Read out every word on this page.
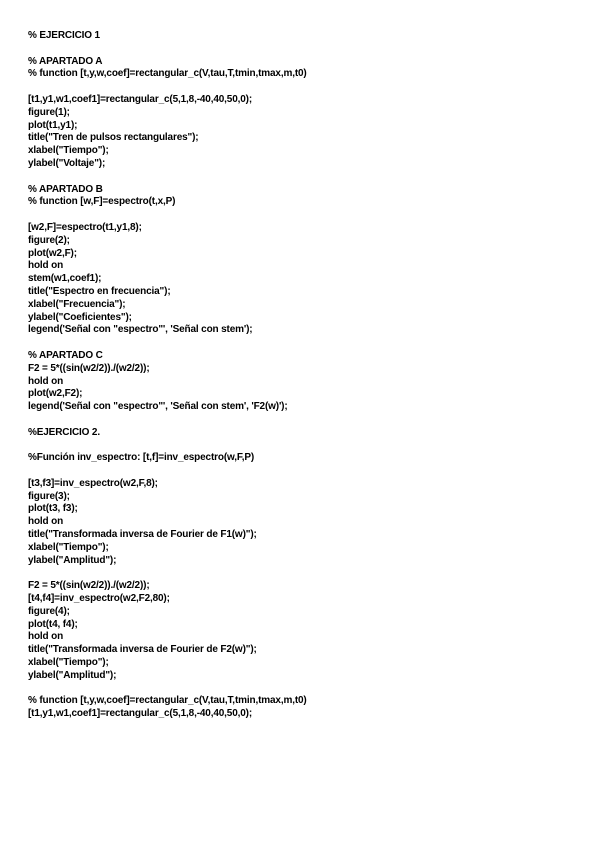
% EJERCICIO 1
% APARTADO A
% function [t,y,w,coef]=rectangular_c(V,tau,T,tmin,tmax,m,t0)
[t1,y1,w1,coef1]=rectangular_c(5,1,8,-40,40,50,0);
figure(1);
plot(t1,y1);
title("Tren de pulsos rectangulares");
xlabel("Tiempo");
ylabel("Voltaje");
% APARTADO B
% function [w,F]=espectro(t,x,P)
[w2,F]=espectro(t1,y1,8);
figure(2);
plot(w2,F);
hold on
stem(w1,coef1);
title("Espectro en frecuencia");
xlabel("Frecuencia");
ylabel("Coeficientes");
legend('Señal con "espectro"', 'Señal con stem');
% APARTADO C
F2 = 5*((sin(w2/2))./(w2/2));
hold on
plot(w2,F2);
legend('Señal con "espectro"', 'Señal con stem', 'F2(w)');
%EJERCICIO 2.
%Función inv_espectro: [t,f]=inv_espectro(w,F,P)
[t3,f3]=inv_espectro(w2,F,8);
figure(3);
plot(t3, f3);
hold on
title("Transformada inversa de Fourier de F1(w)");
xlabel("Tiempo");
ylabel("Amplitud");
F2 = 5*((sin(w2/2))./(w2/2));
[t4,f4]=inv_espectro(w2,F2,80);
figure(4);
plot(t4, f4);
hold on
title("Transformada inversa de Fourier de F2(w)");
xlabel("Tiempo");
ylabel("Amplitud");
% function [t,y,w,coef]=rectangular_c(V,tau,T,tmin,tmax,m,t0)
[t1,y1,w1,coef1]=rectangular_c(5,1,8,-40,40,50,0);
